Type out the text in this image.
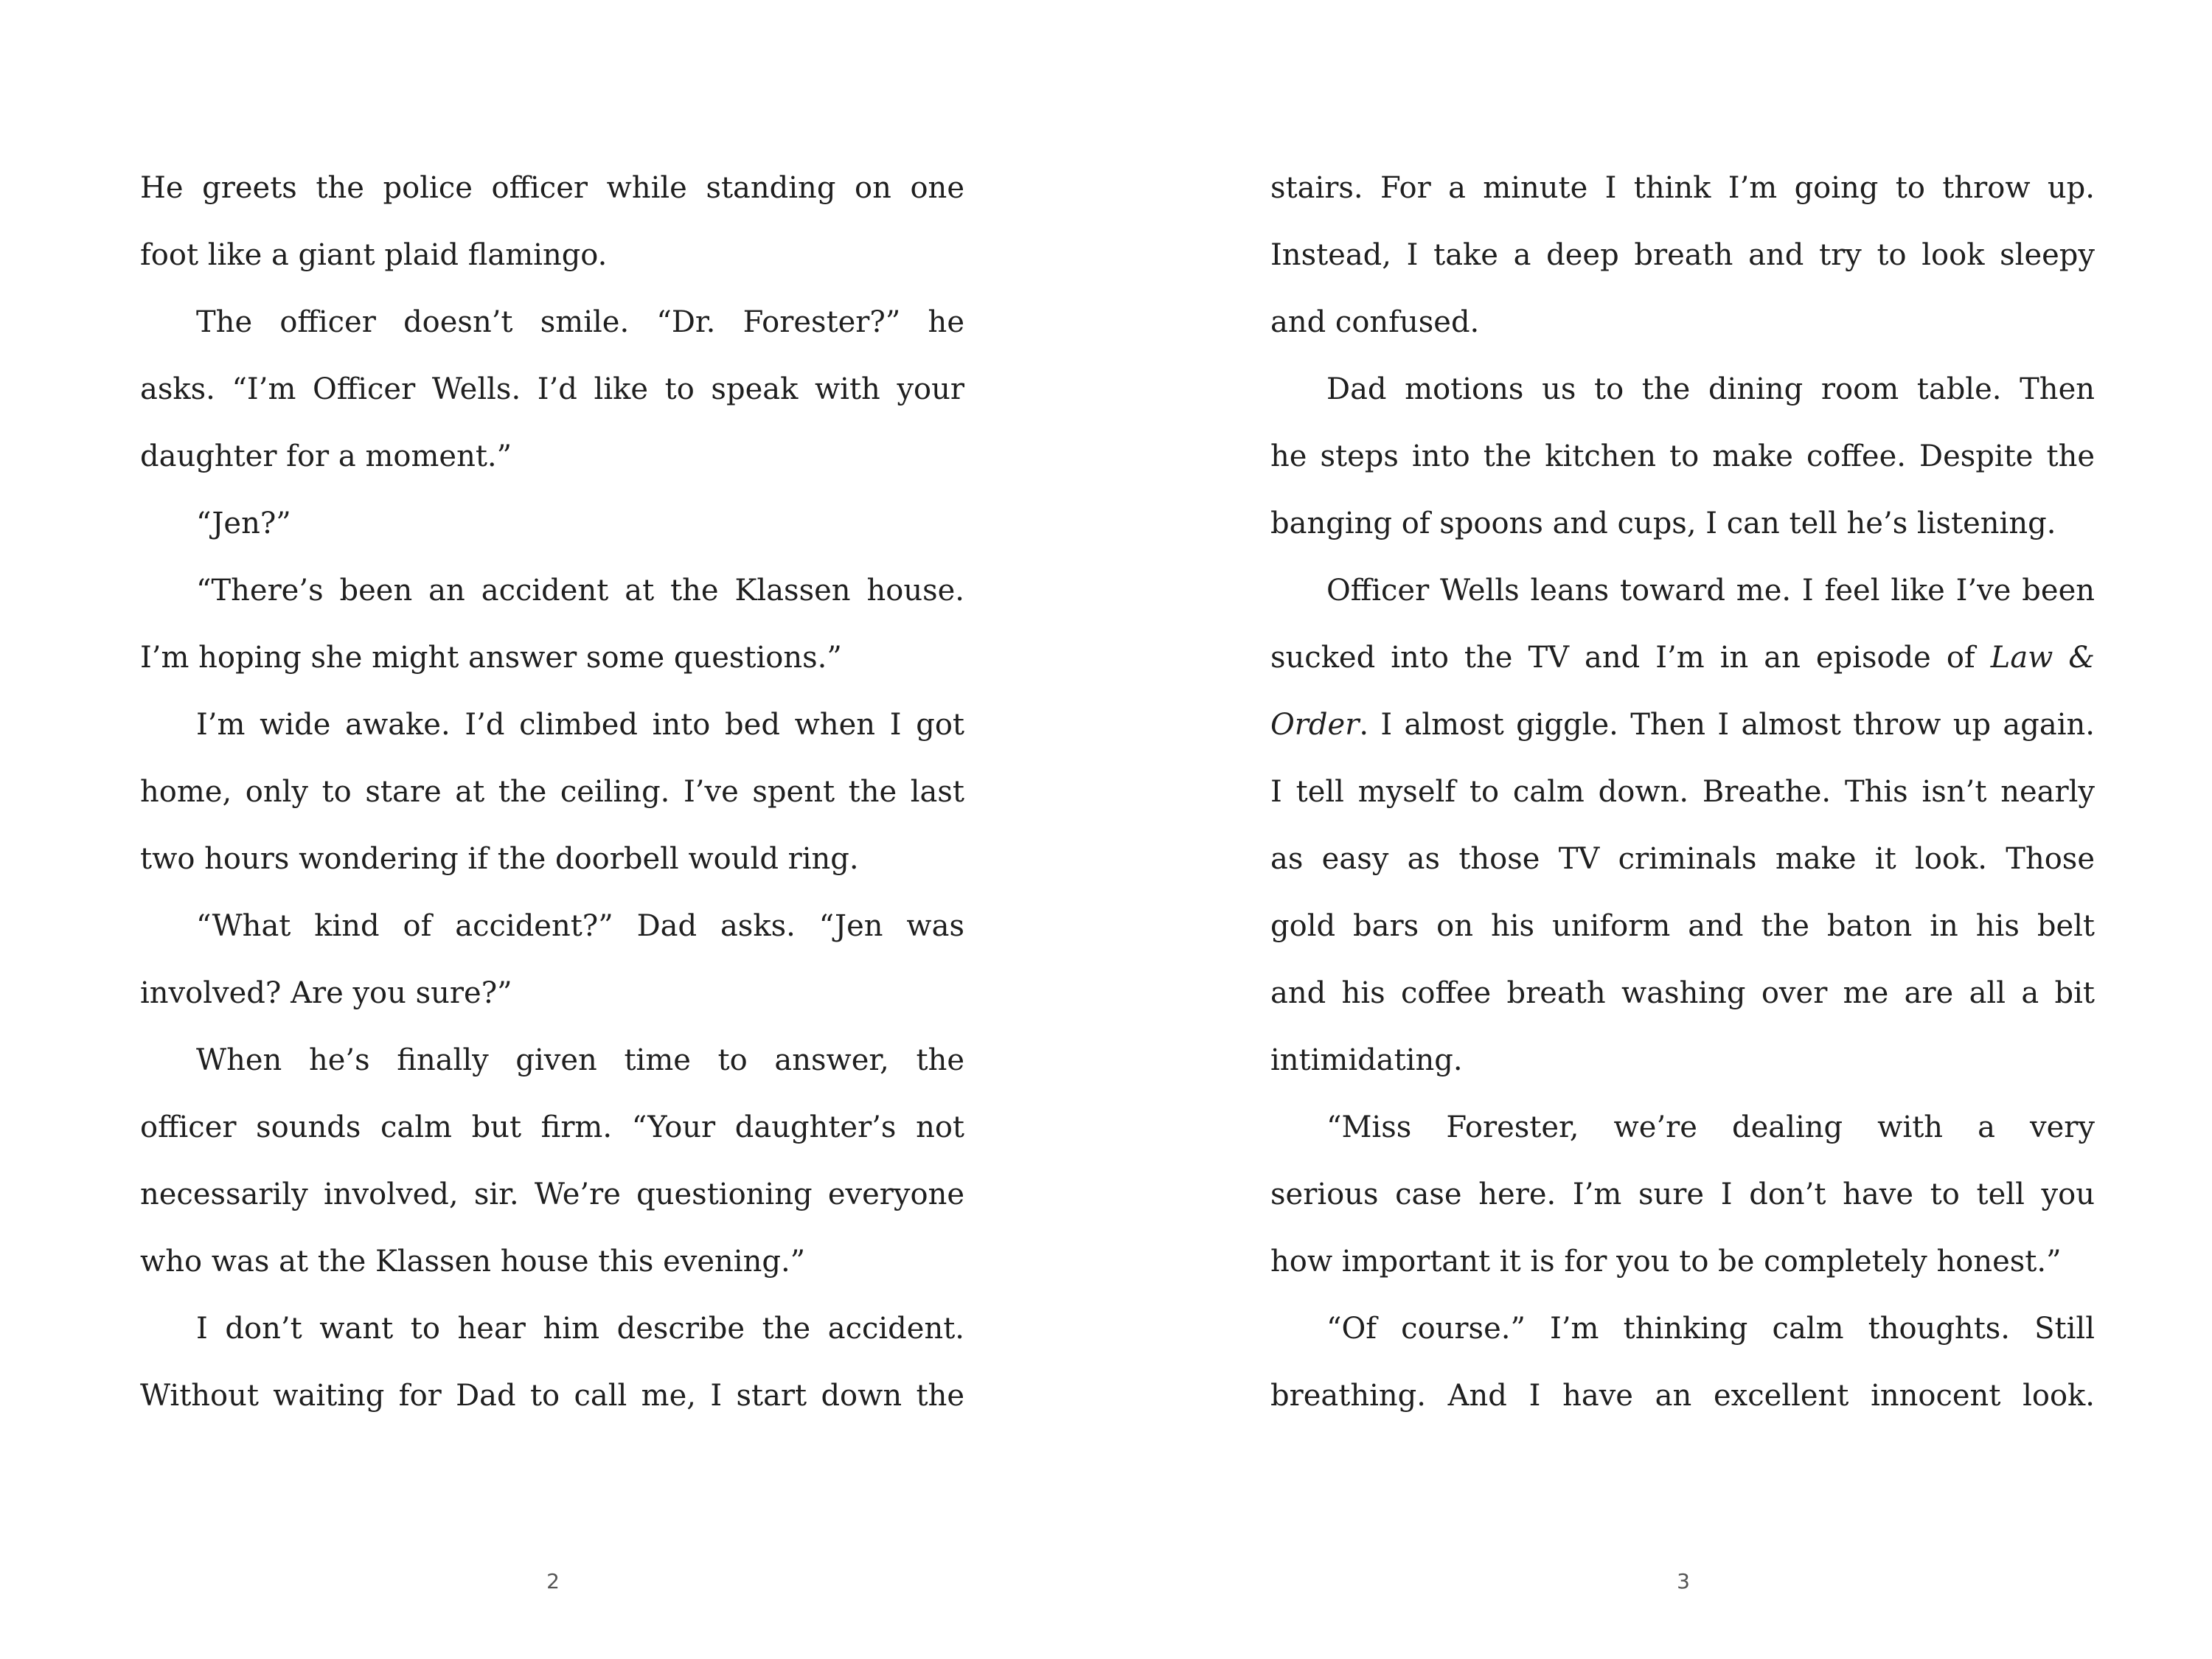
He greets the police officer while standing on one
foot like a giant plaid flamingo.
The officer doesn’t smile. “Dr. Forester?” he
asks. “I’m Officer Wells. I’d like to speak with your
daughter for a moment.”
“Jen?”
“There’s been an accident at the Klassen house.
I’m hoping she might answer some questions.”
I’m wide awake. I’d climbed into bed when I got
home, only to stare at the ceiling. I’ve spent the last
two hours wondering if the doorbell would ring.
“What kind of accident?” Dad asks. “Jen was
involved? Are you sure?”
When he’s finally given time to answer, the
officer sounds calm but firm. “Your daughter’s not
necessarily involved, sir. We’re questioning everyone
who was at the Klassen house this evening.”
I don’t want to hear him describe the accident.
Without waiting for Dad to call me, I start down the
2
stairs. For a minute I think I’m going to throw up.
Instead, I take a deep breath and try to look sleepy
and confused.
Dad motions us to the dining room table. Then
he steps into the kitchen to make coffee. Despite the
banging of spoons and cups, I can tell he’s listening.
Officer Wells leans toward me. I feel like I’ve been
sucked into the TV and I’m in an episode of Law &
Order. I almost giggle. Then I almost throw up again.
I tell myself to calm down. Breathe. This isn’t nearly
as easy as those TV criminals make it look. Those
gold bars on his uniform and the baton in his belt
and his coffee breath washing over me are all a bit
intimidating.
“Miss Forester, we’re dealing with a very
serious case here. I’m sure I don’t have to tell you
how important it is for you to be completely honest.”
“Of course.” I’m thinking calm thoughts. Still
breathing. And I have an excellent innocent look.
3
